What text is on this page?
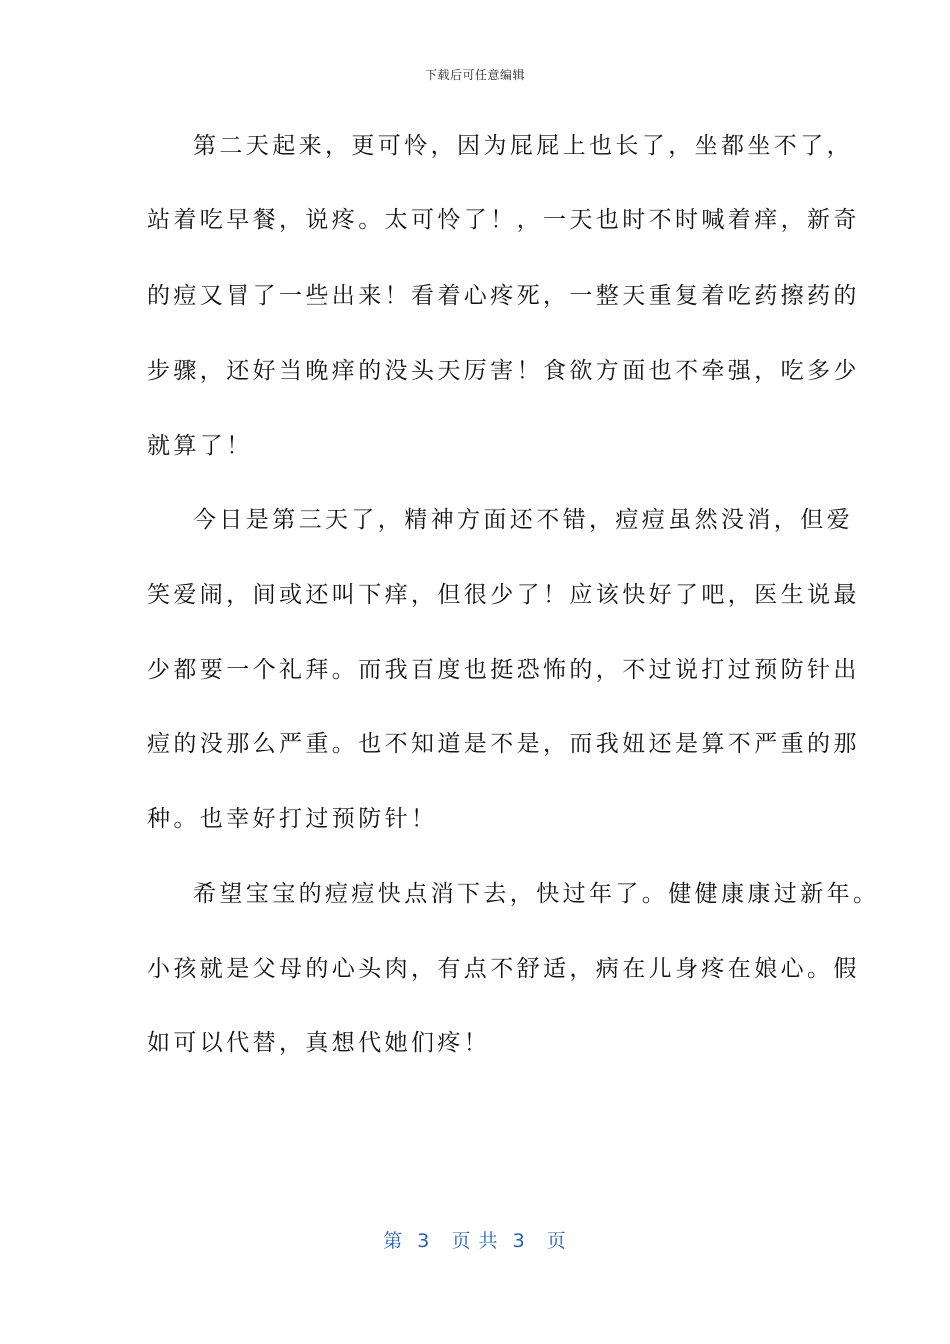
下载后可任意编辑
第二天起来，更可怜，因为屁屁上也长了，坐都坐不了，
站着吃早餐，说疼。太可怜了！，一天也时不时喊着痒，新奇
的痘又冒了一些出来！看着心疼死，一整天重复着吃药擦药的
步骤，还好当晚痒的没头天厉害！食欲方面也不牵强，吃多少
就算了！
今日是第三天了，精神方面还不错，痘痘虽然没消，但爱
笑爱闹，间或还叫下痒，但很少了！应该快好了吧，医生说最
少都要一个礼拜。而我百度也挺恐怖的，不过说打过预防针出
痘的没那么严重。也不知道是不是，而我妞还是算不严重的那
种。也幸好打过预防针！
希望宝宝的痘痘快点消下去，快过年了。健健康康过新年。
小孩就是父母的心头肉，有点不舒适，病在儿身疼在娘心。假
如可以代替，真想代她们疼！
第  3   页 共  3   页
